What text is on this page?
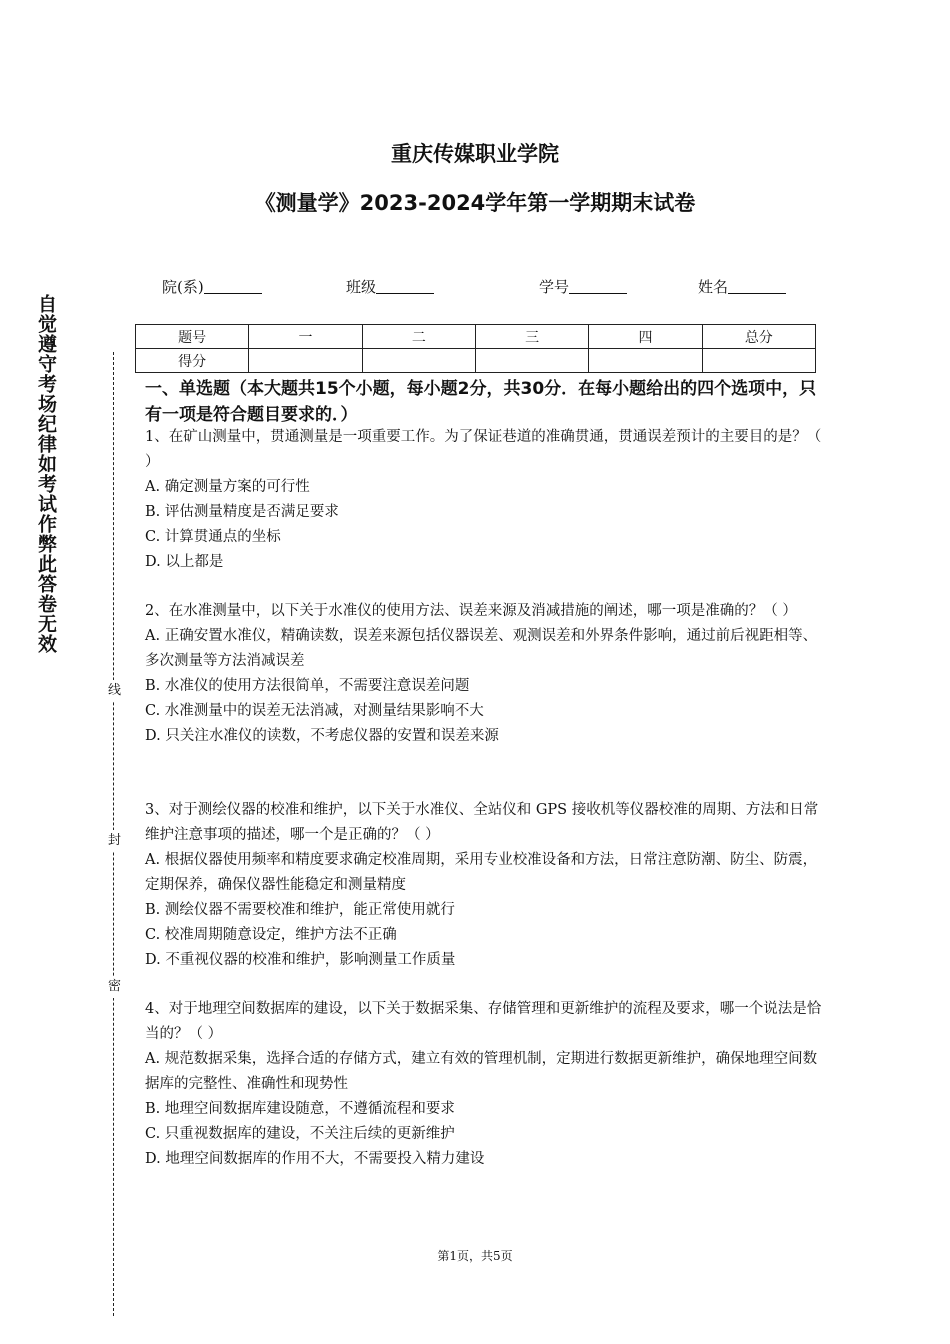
重庆传媒职业学院
《测量学》2023-2024学年第一学期期末试卷
院(系)	班级	学号	姓名
题号	一	二	三	四	总分
得分					
自觉遵守考场纪律如考试作弊此答卷无效
线
封
密

一、单选题（本大题共15个小题，每小题2分，共30分．在每小题给出的四个选项中，只有一项是符合题目要求的．）

1、在矿山测量中，贯通测量是一项重要工作。为了保证巷道的准确贯通，贯通误差预计的主要目的是？（ ）

A. 确定测量方案的可行性

B. 评估测量精度是否满足要求

C. 计算贯通点的坐标

D. 以上都是

2、在水准测量中，以下关于水准仪的使用方法、误差来源及消减措施的阐述，哪一项是准确的？（ ）

A. 正确安置水准仪，精确读数，误差来源包括仪器误差、观测误差和外界条件影响，通过前后视距相等、多次测量等方法消减误差

B. 水准仪的使用方法很简单，不需要注意误差问题

C. 水准测量中的误差无法消减，对测量结果影响不大

D. 只关注水准仪的读数，不考虑仪器的安置和误差来源

3、对于测绘仪器的校准和维护，以下关于水准仪、全站仪和 GPS 接收机等仪器校准的周期、方法和日常维护注意事项的描述，哪一个是正确的？（ ）

A. 根据仪器使用频率和精度要求确定校准周期，采用专业校准设备和方法，日常注意防潮、防尘、防震，定期保养，确保仪器性能稳定和测量精度

B. 测绘仪器不需要校准和维护，能正常使用就行

C. 校准周期随意设定，维护方法不正确

D. 不重视仪器的校准和维护，影响测量工作质量

4、对于地理空间数据库的建设，以下关于数据采集、存储管理和更新维护的流程及要求，哪一个说法是恰当的？（ ）

A. 规范数据采集，选择合适的存储方式，建立有效的管理机制，定期进行数据更新维护，确保地理空间数据库的完整性、准确性和现势性

B. 地理空间数据库建设随意，不遵循流程和要求

C. 只重视数据库的建设，不关注后续的更新维护

D. 地理空间数据库的作用不大，不需要投入精力建设

第1页，共5页
